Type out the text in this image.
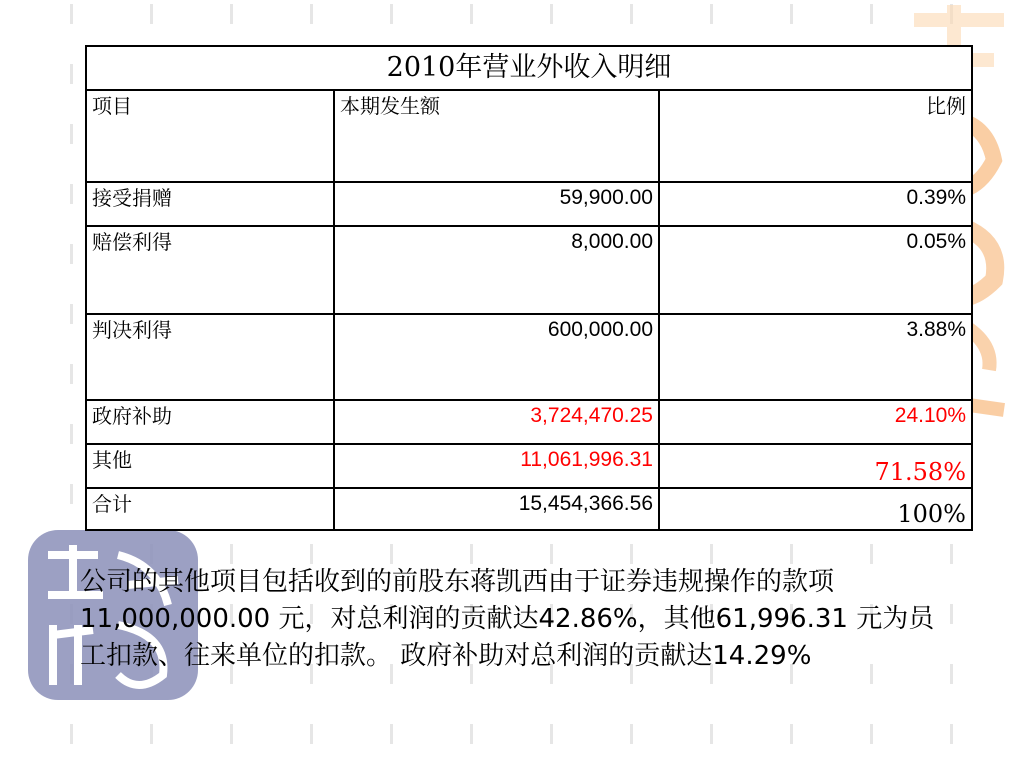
2010年营业外收入明细		
项目	本期发生额	比例
接受捐赠	59,900.00	0.39%
赔偿利得	8,000.00	0.05%
判决利得	600,000.00	3.88%
政府补助	3,724,470.25	24.10%
其他	11,061,996.31	71.58%
合计	15,454,366.56	100%
公司的其他项目包括收到的前股东蒋凯西由于证券违规操作的款项11,000,000.00 元，对总利润的贡献达42.86%，其他61,996.31 元为员工扣款、往来单位的扣款。 政府补助对总利润的贡献达14.29%
